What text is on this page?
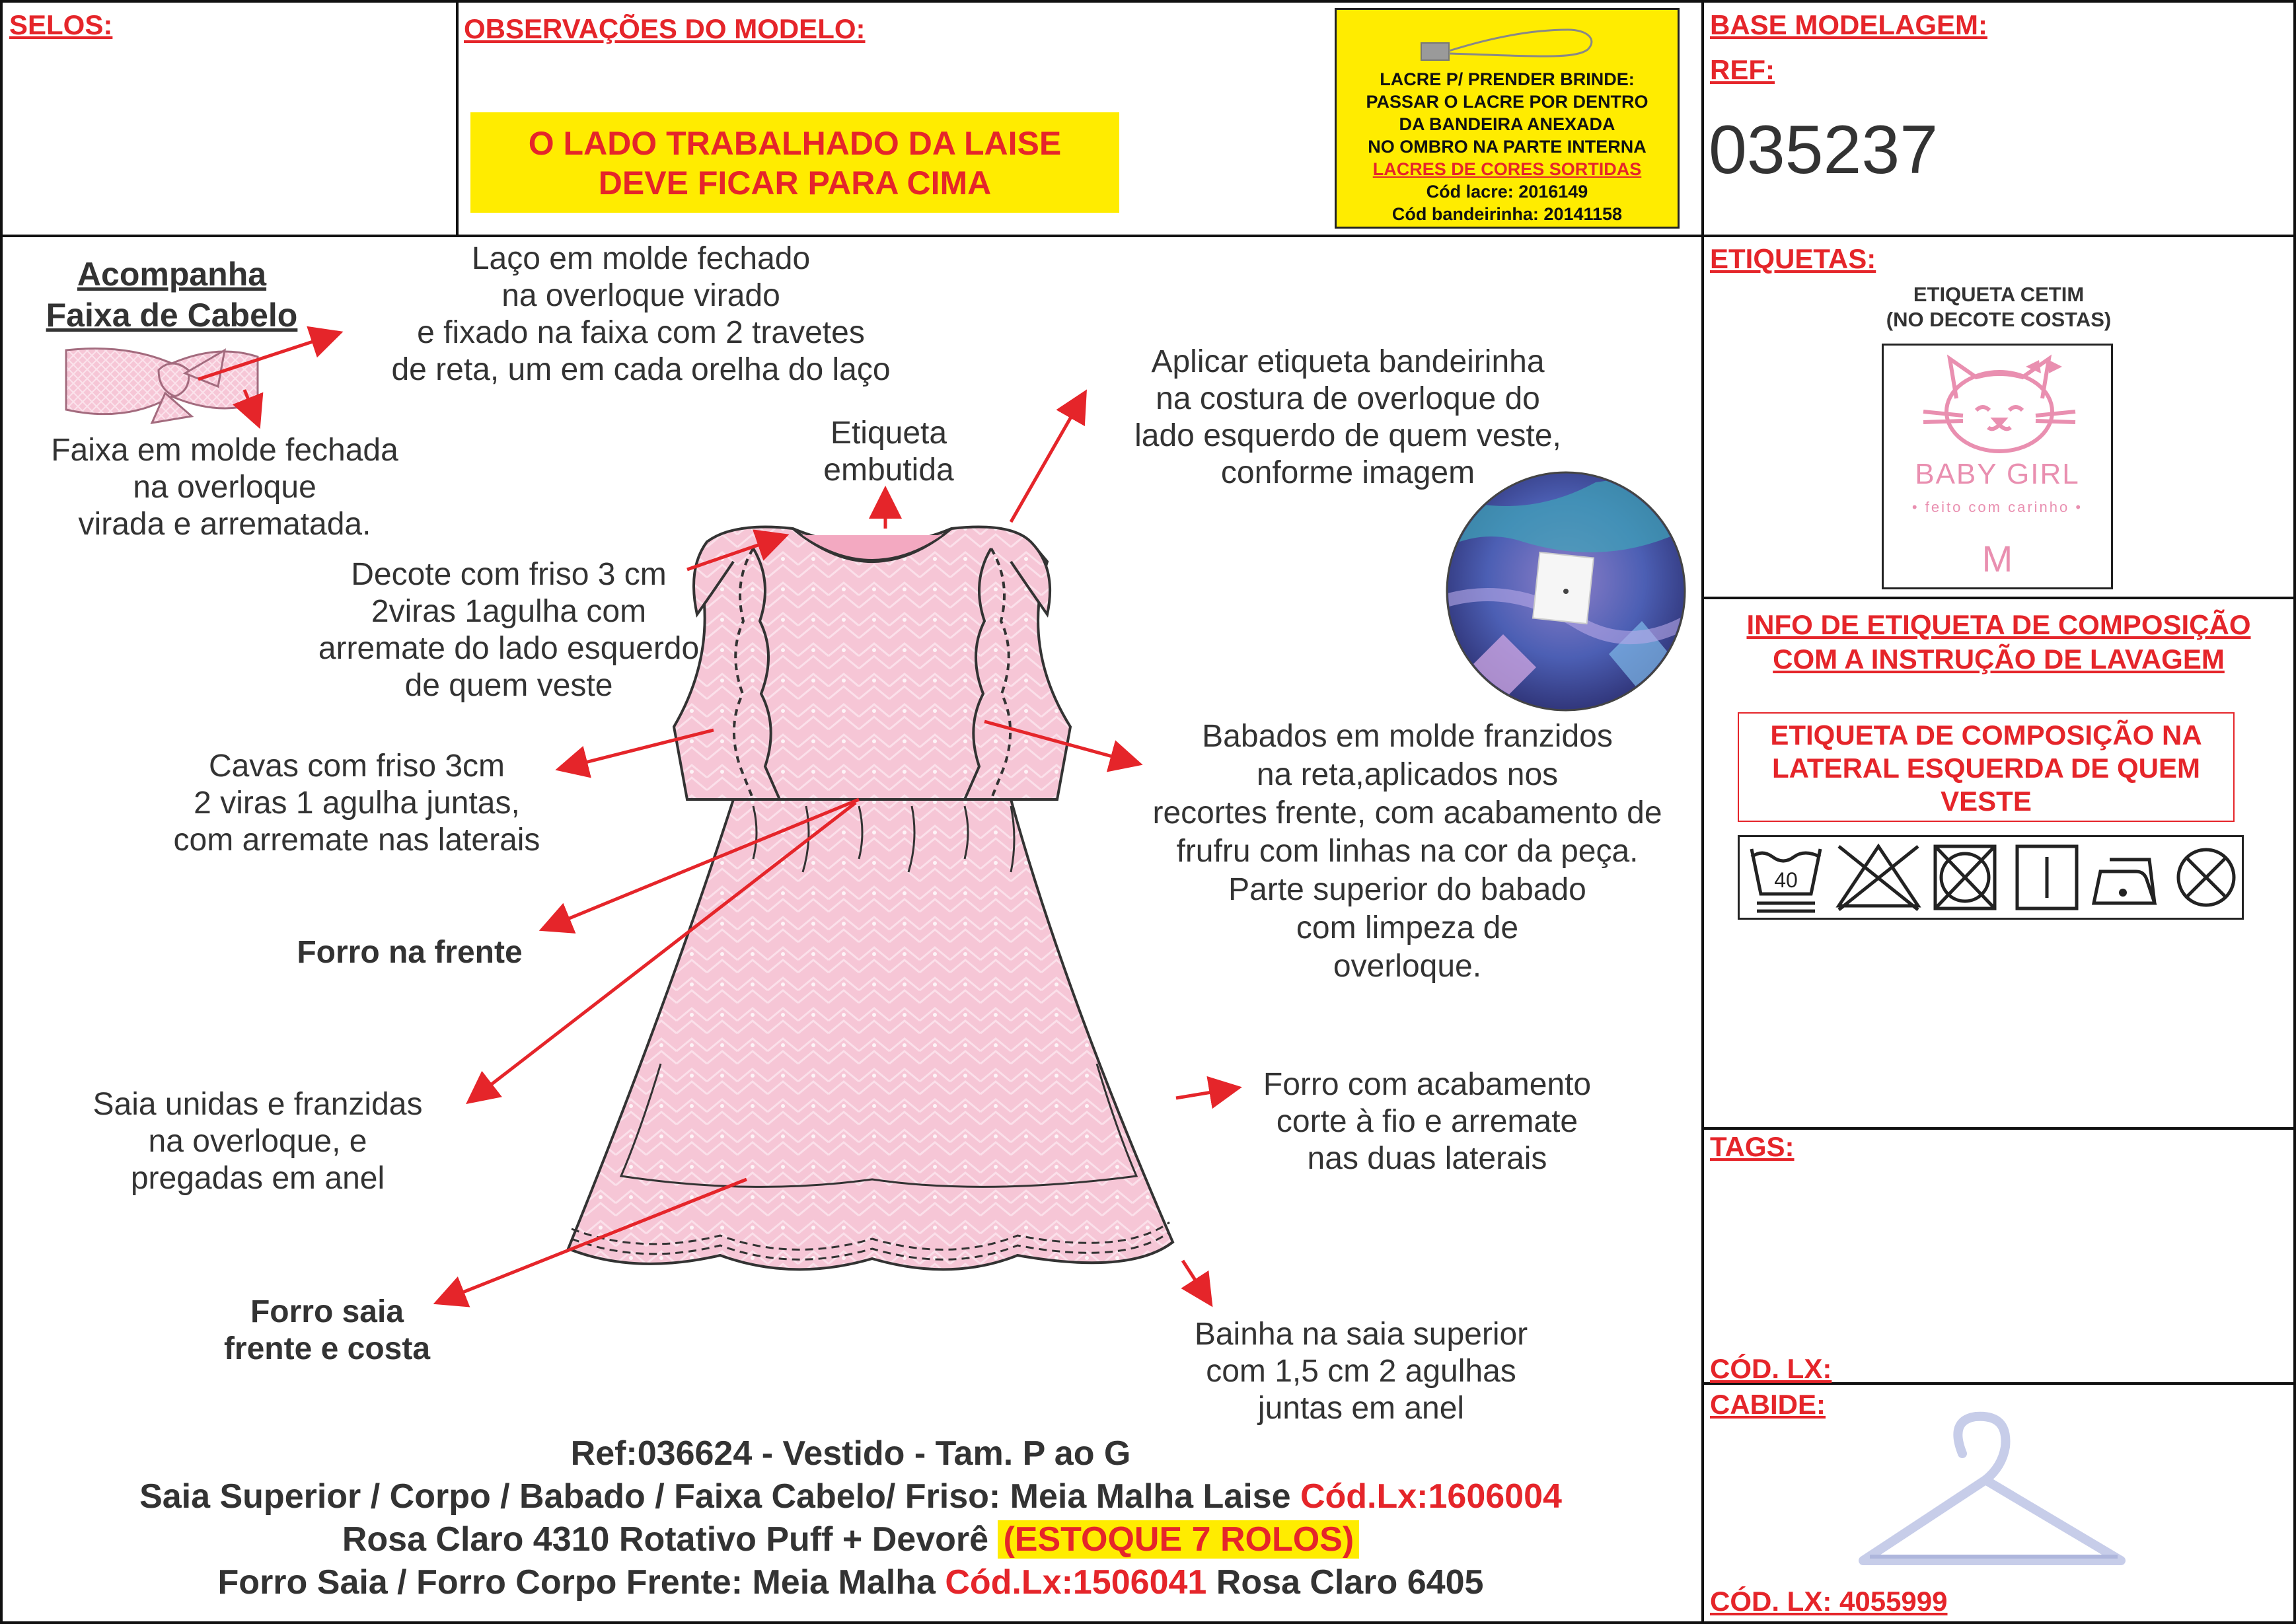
SELOS:	OBSERVAÇÕES DO MODELO:
O LADO TRABALHADO DA LAISE
DEVE FICAR PARA CIMA
LACRE P/ PRENDER BRINDE:
PASSAR O LACRE POR DENTRO
DA BANDEIRA ANEXADA
NO OMBRO NA PARTE INTERNA
LACRES DE CORES SORTIDAS
Cód lacre: 2016149
Cód bandeirinha: 20141158
BASE MODELAGEM:
REF:
035237
ETIQUETAS:
ETIQUETA CETIM
(NO DECOTE COSTAS)
BABY GIRL
• feito com carinho •
M
INFO DE ETIQUETA DE COMPOSIÇÃO
COM A INSTRUÇÃO DE LAVAGEM
ETIQUETA DE COMPOSIÇÃO NA
LATERAL ESQUERDA DE QUEM
VESTE
40
TAGS:
CÓD. LX:
CABIDE:
CÓD. LX: 4055999
Acompanha
Faixa de Cabelo
Laço em molde fechado
na overloque virado
e fixado na faixa com 2 travetes
de reta, um em cada orelha do laço
Faixa em molde fechada
na overloque
virada e arrematada.
Etiqueta
embutida
Aplicar etiqueta bandeirinha
na costura de overloque do
lado esquerdo de quem veste,
conforme imagem
Decote com friso 3 cm
2viras 1agulha com
arremate do lado esquerdo
de quem veste
Cavas com friso 3cm
2 viras 1 agulha juntas,
com arremate nas laterais
Forro na frente
Babados em molde franzidos
na reta,aplicados nos
recortes frente, com acabamento de
frufru com linhas na cor da peça.
Parte superior do babado
com limpeza de
overloque.
Saia unidas e franzidas
na overloque, e
pregadas em anel
Forro com acabamento
corte à fio e arremate
nas duas laterais
Forro saia
frente e costa	Bainha na saia superior
com 1,5 cm 2 agulhas
juntas em anel
Ref:036624 - Vestido - Tam. P ao G
Saia Superior / Corpo / Babado / Faixa Cabelo/ Friso: Meia Malha Laise Cód.Lx:1606004
Rosa Claro 4310 Rotativo Puff + Devorê (ESTOQUE 7 ROLOS)
Forro Saia / Forro Corpo Frente: Meia Malha Cód.Lx:1506041 Rosa Claro 6405
